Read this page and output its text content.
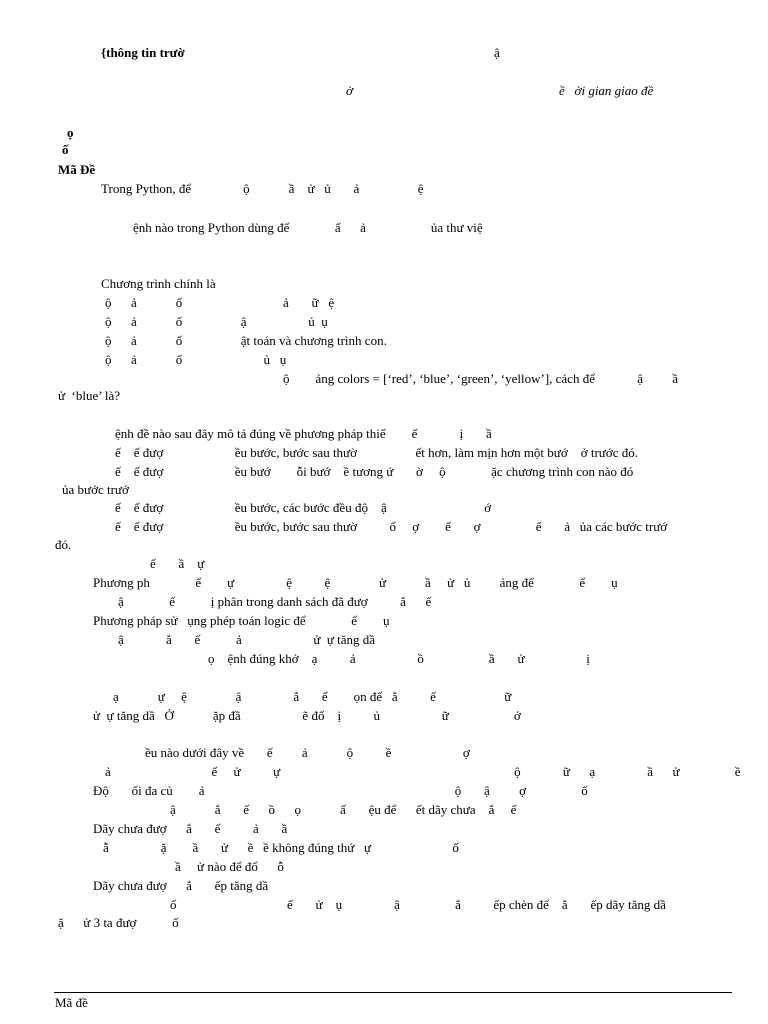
{thông tin trườ	ậ
ờ	ề   ời gian giao đề
ọ
ố
Mã Đề
Trong Python, để                ộ            ầ    ử   ủ       ả                  ệ
ệnh nào trong Python dùng để              ấ      ả                    ủa thư việ
Chương trình chính là
ộ      ả            ố                               ả       ữ   ệ
ộ      ả            ố                  ậ                   ủ  ụ
ộ      ả            ố                  ật toán và chương trình con.
ộ      ả            ố                         ủ   ụ
ộ        ảng colors = [‘red’, ‘blue’, ‘green’, ‘yellow’], cách để             ậ         ầ
ử  ‘blue’ là?
ệnh đề nào sau đây mô tả đúng về phương pháp thiế        ế             ị       ầ
ế    ế đượ                      ều bước, bước sau thườ                  ết hơn, làm mịn hơn một bướ    ở trước đó.
ế    ế đượ                      ều bướ        ỗi bướ    ề tương ứ       ờ     ộ              ặc chương trình con nào đó
ủa bước trướ
ế    ế đượ                      ều bước, các bước đều độ    ậ                              ớ
ế    ế đượ                      ều bước, bước sau thườ          ố     ợ        ế       ợ                 ế       ả   ủa các bước trướ
đó.
ế       ầ    ự
Phương ph              ế        ự                ệ          ệ               ử            ầ     ử   ủ         ảng để              ế        ụ
ậ              ế           ị phân trong danh sách đã đượ          ắ      ế
Phương pháp sử   ụng phép toán logic để              ế        ụ
ậ             ắ       ế           ả                      ử  ự tăng dầ
ọ    ệnh đúng khở    ạ          ả                   ồ                    ầ       ử                   ị
ạ            ự     ệ               ậ                ắ       ế        ọn để   ắ          ế                     ữ
ử  ự tăng dầ   Ở            ặp đầ                   ẽ đổ    ị          ủ                   ữ                    ớ
ều nào dưới đây về       ế         ả            ộ          ề                      ợ
ả                               ế     ử          ự                                                                        ộ             ữ      ạ                ầ      ử                 ề
Độ       ối đa củ        ả                                                                             ộ       ậ         ợ                 ố
ậ            ắ       ế      ồ      ọ            ấ       ệu để      ết dãy chưa    ắ     ế
Dãy chưa đượ      ắ       ế          ả       ầ
ẫ                ặ        ầ       ử      ề   ề không đúng thứ   ự                         ố
ầ     ử nào để đổ      ỗ
Dãy chưa đượ      ắ       ếp tăng dầ
ố                                  ế       ử    ụ                ậ                 ắ          ếp chèn để    ắ       ếp dãy tăng dầ
ặ      ử 3 ta đượ           ố
Mã đề
